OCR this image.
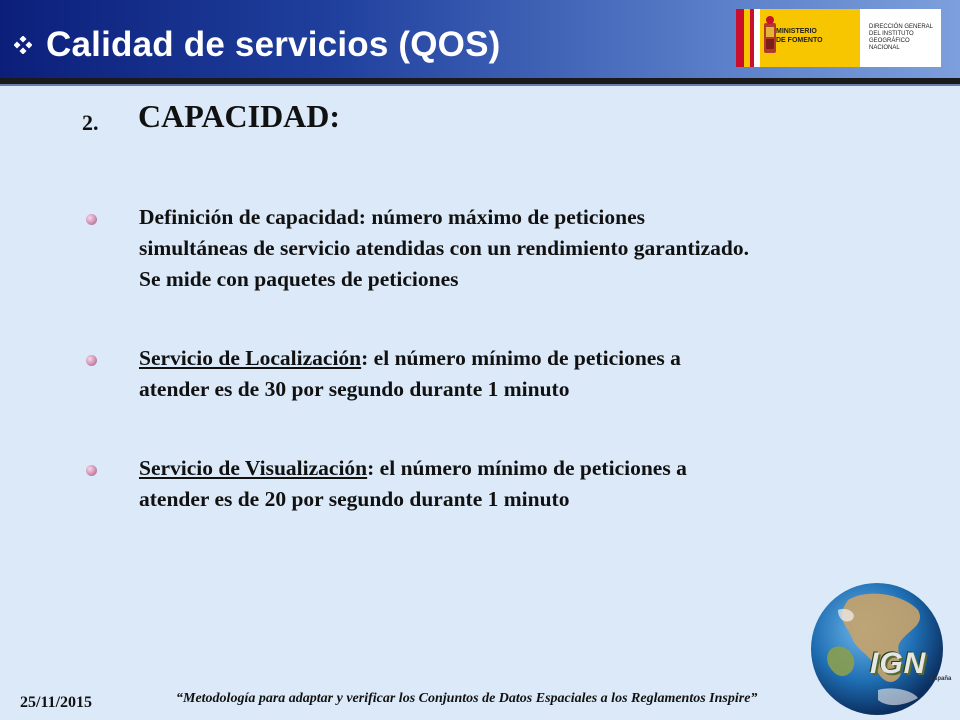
Calidad de servicios (QOS)	MINISTERIO
DE FOMENTO
DIRECCIÓN GENERAL
DEL INSTITUTO
GEOGRÁFICO NACIONAL
2. CAPACIDAD:
Definición de capacidad: número máximo de peticiones
simultáneas de servicio atendidas con un rendimiento garantizado.
Se mide con paquetes de peticiones
Servicio de Localización: el número mínimo de peticiones a
atender es de 30 por segundo durante 1 minuto
Servicio de Visualización: el número mínimo de peticiones a
atender es de 20 por segundo durante 1 minuto
IGN España
25/11/2015	“Metodología para adaptar y verificar los Conjuntos de Datos Espaciales a los Reglamentos Inspire”
